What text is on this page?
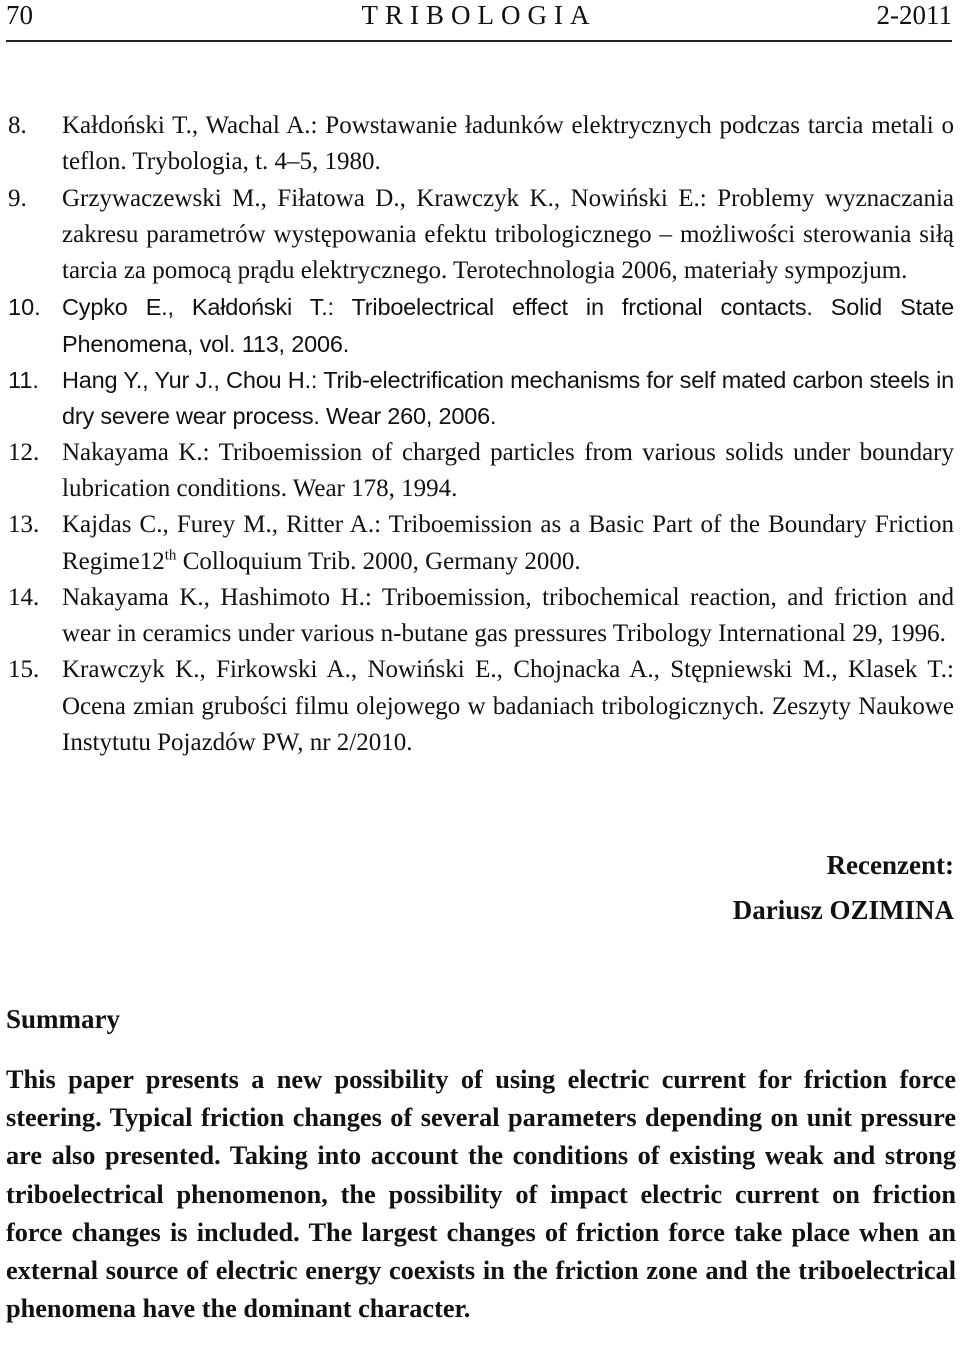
70	TRIBOLOGIA	2-2011
8. Kałdoński T., Wachal A.: Powstawanie ładunków elektrycznych podczas tarcia metali o teflon. Trybologia, t. 4–5, 1980.
9. Grzywaczewski M., Fiłatowa D., Krawczyk K., Nowiński E.: Problemy wyznaczania zakresu parametrów występowania efektu tribologicznego – możliwości sterowania siłą tarcia za pomocą prądu elektrycznego. Terotechnologia 2006, materiały sympozjum.
10. Cypko E., Kałdoński T.: Triboelectrical effect in frctional contacts. Solid State Phenomena, vol. 113, 2006.
11. Hang Y., Yur J., Chou H.: Trib-electrification mechanisms for self mated carbon steels in dry severe wear process. Wear 260, 2006.
12. Nakayama K.: Triboemission of charged particles from various solids under boundary lubrication conditions. Wear 178, 1994.
13. Kajdas C., Furey M., Ritter A.: Triboemission as a Basic Part of the Boundary Friction Regime12th Colloquium Trib. 2000, Germany 2000.
14. Nakayama K., Hashimoto H.: Triboemission, tribochemical reaction, and friction and wear in ceramics under various n-butane gas pressures Tribology International 29, 1996.
15. Krawczyk K., Firkowski A., Nowiński E., Chojnacka A., Stępniewski M., Klasek T.: Ocena zmian grubości filmu olejowego w badaniach tribologicznych. Zeszyty Naukowe Instytutu Pojazdów PW, nr 2/2010.
Recenzent:
Dariusz OZIMINA
Summary
This paper presents a new possibility of using electric current for friction force steering. Typical friction changes of several parameters depending on unit pressure are also presented. Taking into account the conditions of existing weak and strong triboelectrical phenomenon, the possibility of impact electric current on friction force changes is included. The largest changes of friction force take place when an external source of electric energy coexists in the friction zone and the triboelectrical phenomena have the dominant character.
